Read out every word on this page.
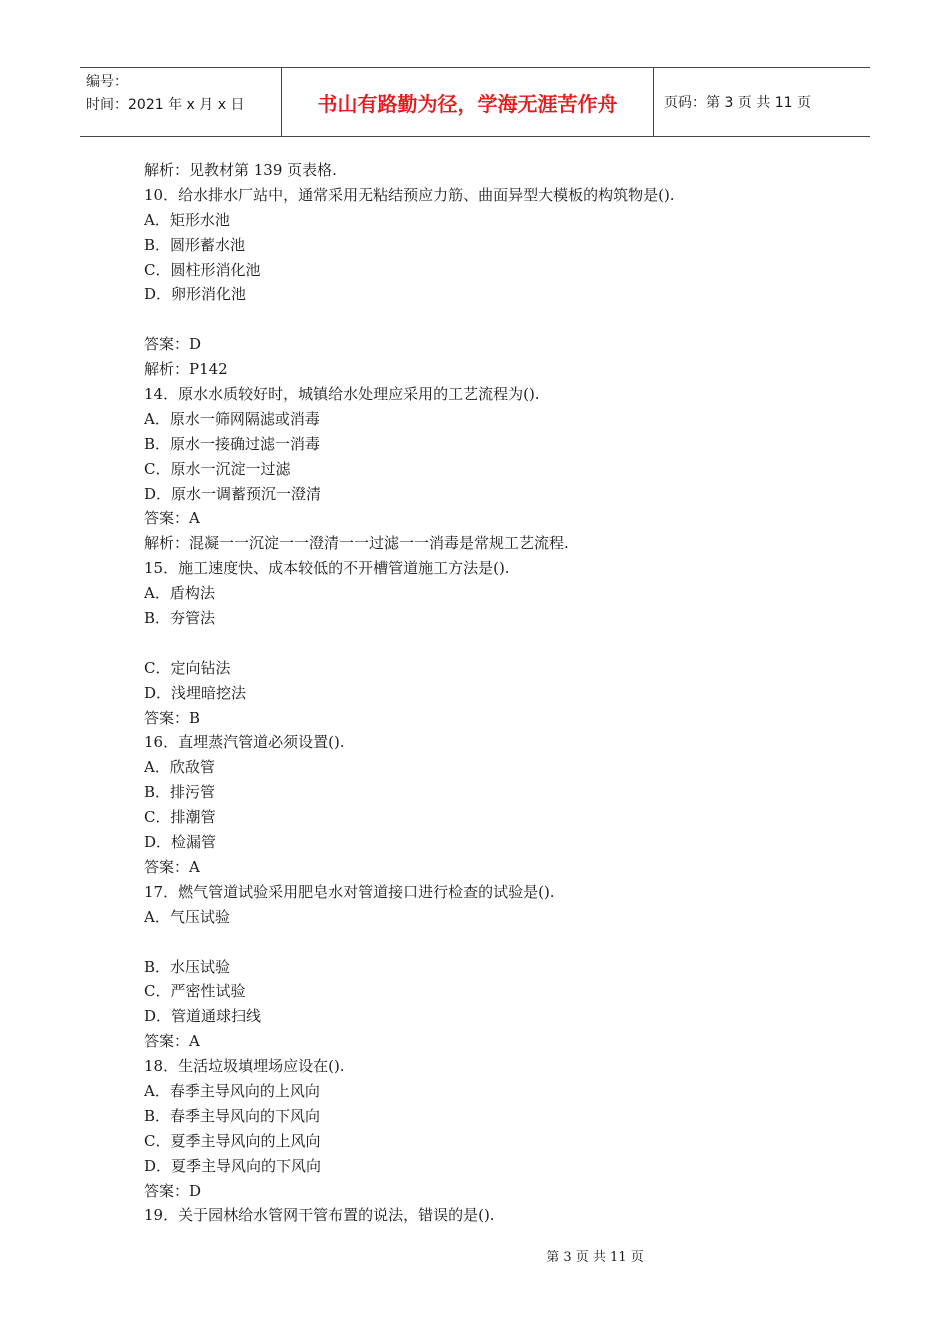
编号：
时间：2021 年 x 月 x 日	书山有路勤为径，学海无涯苦作舟	页码：第 3 页 共 11 页
解析：见教材第 139 页表格.
10．给水排水厂站中，通常采用无粘结预应力筋、曲面异型大模板的构筑物是().
A．矩形水池
B．圆形蓄水池
C．圆柱形消化池
D．卵形消化池
答案：D
解析：P142
14．原水水质较好时，城镇给水处理应采用的工艺流程为().
A．原水一筛网隔滤或消毒
B．原水一接确过滤一消毒
C．原水一沉淀一过滤
D．原水一调蓄预沉一澄清
答案：A
解析：混凝一一沉淀一一澄清一一过滤一一消毒是常规工艺流程.
15．施工速度快、成本较低的不开槽管道施工方法是().
A．盾构法
B．夯管法
C．定向钻法
D．浅埋暗挖法
答案：B
16．直埋蒸汽管道必须设置().
A．欣敌管
B．排污管
C．排潮管
D．检漏管
答案：A
17．燃气管道试验采用肥皂水对管道接口进行检查的试验是().
A．气压试验
B．水压试验
C．严密性试验
D．管道通球扫线
答案：A
18．生活垃圾填埋场应设在().
A．春季主导风向的上风向
B．春季主导风向的下风向
C．夏季主导风向的上风向
D．夏季主导风向的下风向
答案：D
19．关于园林给水管网干管布置的说法，错误的是().
第 3 页 共 11 页
